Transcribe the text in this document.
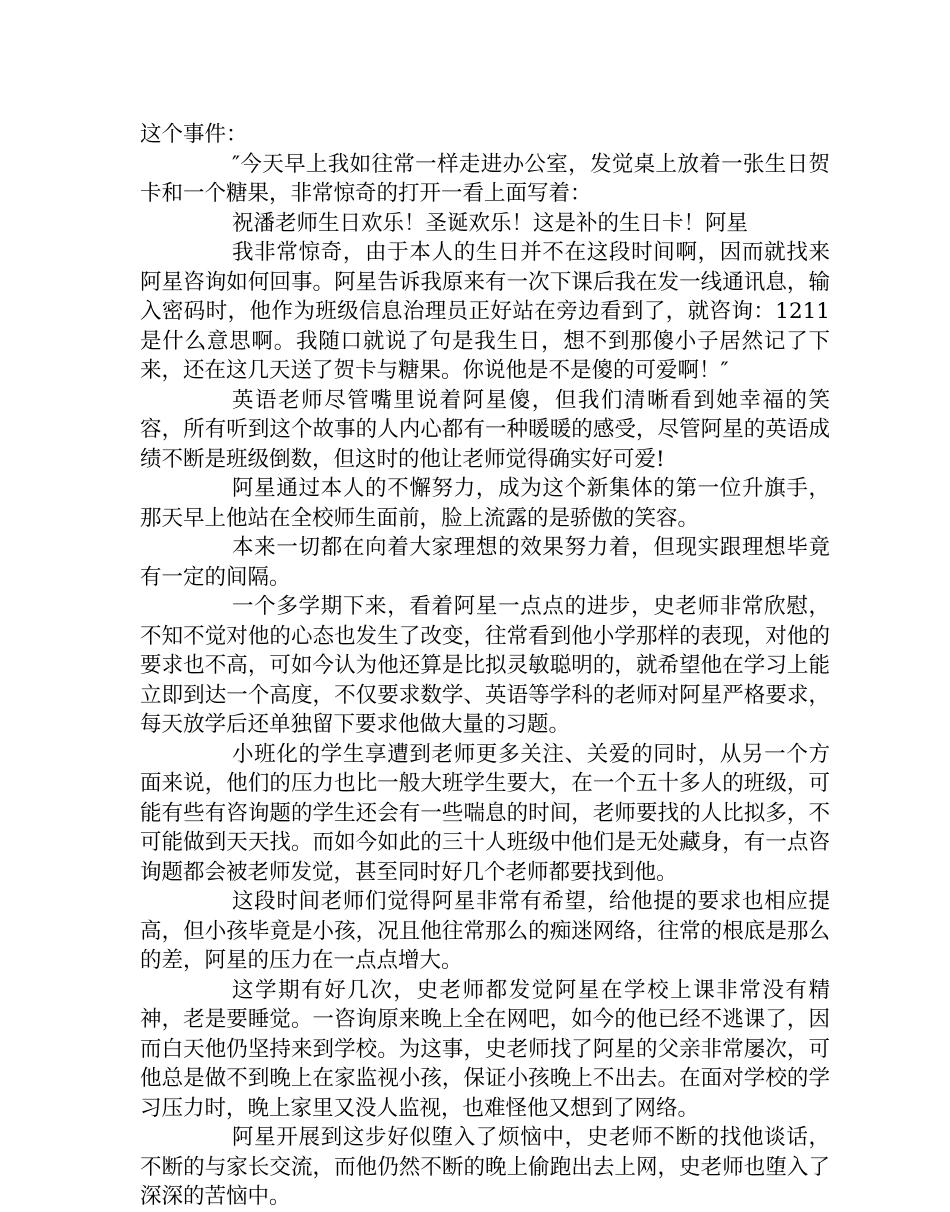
这个事件：

″今天早上我如往常一样走进办公室，发觉桌上放着一张生日贺卡和一个糖果，非常惊奇的打开一看上面写着：

祝潘老师生日欢乐！圣诞欢乐！这是补的生日卡！阿星

我非常惊奇，由于本人的生日并不在这段时间啊，因而就找来阿星咨询如何回事。阿星告诉我原来有一次下课后我在发一线通讯息，输入密码时，他作为班级信息治理员正好站在旁边看到了，就咨询：1211是什么意思啊。我随口就说了句是我生日，想不到那傻小子居然记了下来，还在这几天送了贺卡与糖果。你说他是不是傻的可爱啊！″

英语老师尽管嘴里说着阿星傻，但我们清晰看到她幸福的笑容，所有听到这个故事的人内心都有一种暖暖的感受，尽管阿星的英语成绩不断是班级倒数，但这时的他让老师觉得确实好可爱!

阿星通过本人的不懈努力，成为这个新集体的第一位升旗手，那天早上他站在全校师生面前，脸上流露的是骄傲的笑容。

本来一切都在向着大家理想的效果努力着，但现实跟理想毕竟有一定的间隔。

一个多学期下来，看着阿星一点点的进步，史老师非常欣慰，不知不觉对他的心态也发生了改变，往常看到他小学那样的表现，对他的要求也不高，可如今认为他还算是比拟灵敏聪明的，就希望他在学习上能立即到达一个高度，不仅要求数学、英语等学科的老师对阿星严格要求，每天放学后还单独留下要求他做大量的习题。

小班化的学生享遭到老师更多关注、关爱的同时，从另一个方面来说，他们的压力也比一般大班学生要大，在一个五十多人的班级，可能有些有咨询题的学生还会有一些喘息的时间，老师要找的人比拟多，不可能做到天天找。而如今如此的三十人班级中他们是无处藏身，有一点咨询题都会被老师发觉，甚至同时好几个老师都要找到他。

这段时间老师们觉得阿星非常有希望，给他提的要求也相应提高，但小孩毕竟是小孩，况且他往常那么的痴迷网络，往常的根底是那么的差，阿星的压力在一点点增大。

这学期有好几次，史老师都发觉阿星在学校上课非常没有精神，老是要睡觉。一咨询原来晚上全在网吧，如今的他已经不逃课了，因而白天他仍坚持来到学校。为这事，史老师找了阿星的父亲非常屡次，可他总是做不到晚上在家监视小孩，保证小孩晚上不出去。在面对学校的学习压力时，晚上家里又没人监视，也难怪他又想到了网络。

阿星开展到这步好似堕入了烦恼中，史老师不断的找他谈话，不断的与家长交流，而他仍然不断的晚上偷跑出去上网，史老师也堕入了深深的苦恼中。
